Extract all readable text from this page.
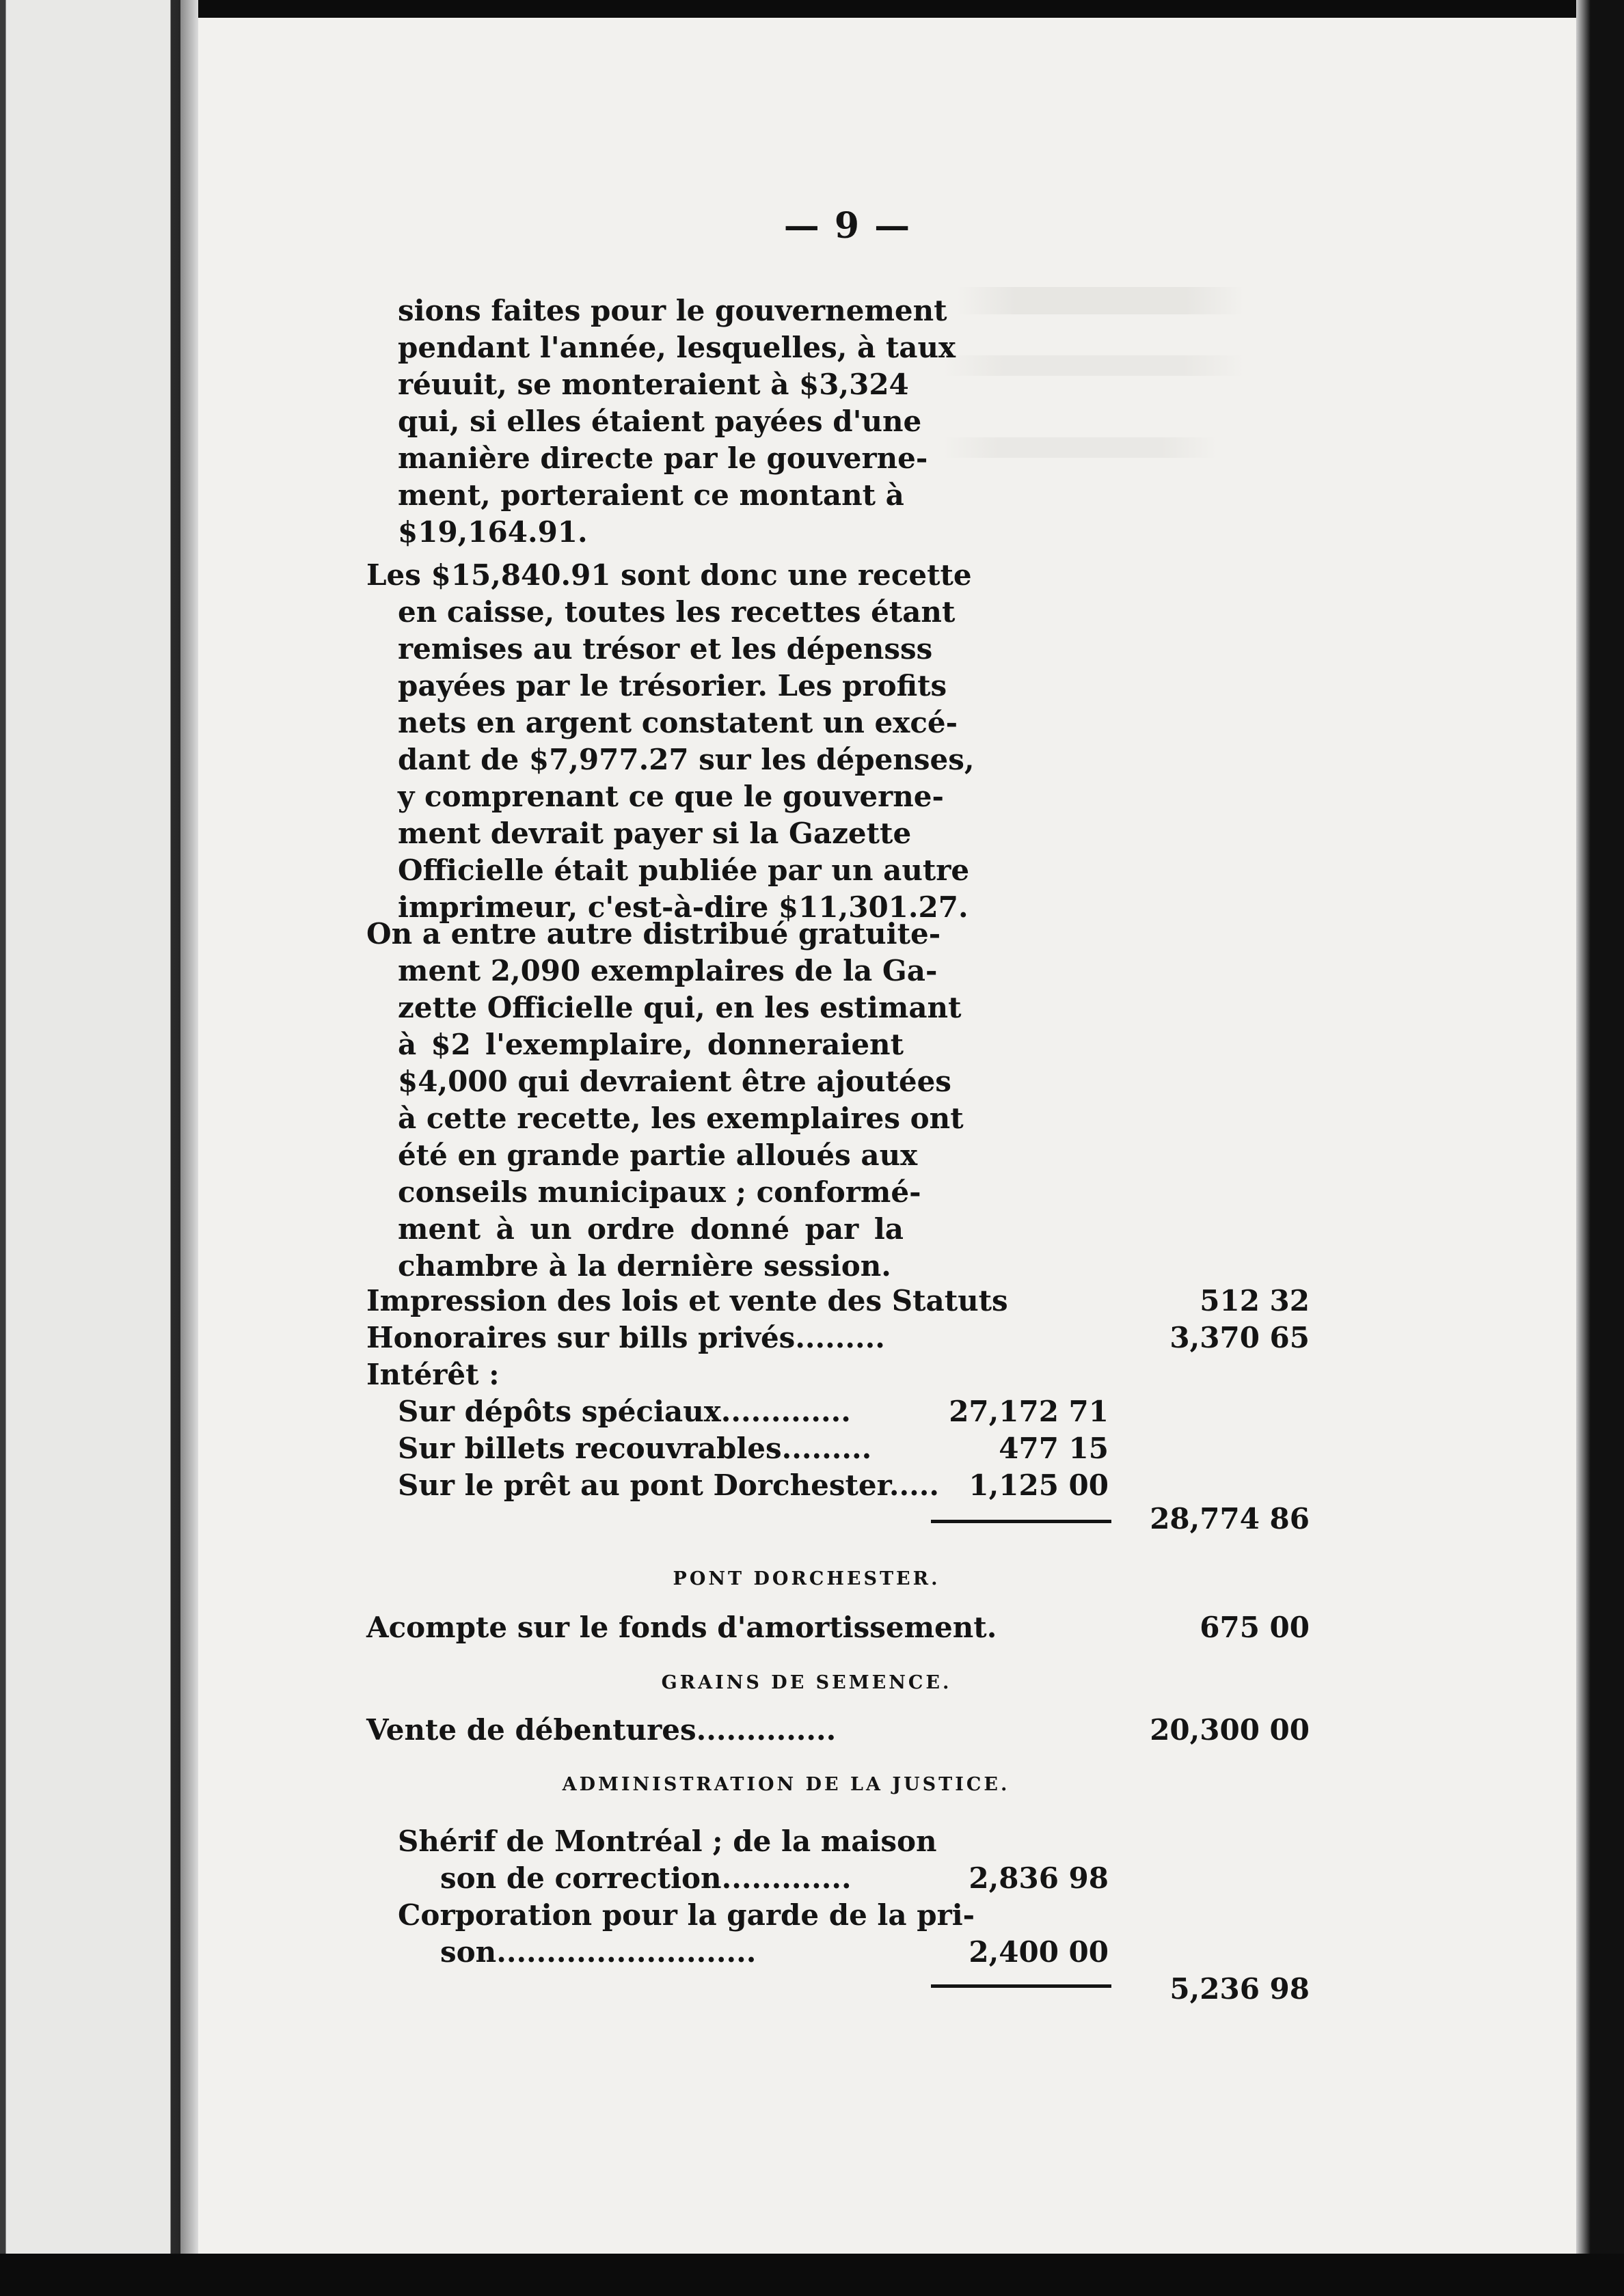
— 9 —
sions faites pour le gouvernement
pendant l'année, lesquelles, à taux
réuuit, se monteraient à $3,324
qui, si elles étaient payées d'une
manière directe par le gouverne-
ment, porteraient ce montant à
$19,164.91.
Les $15,840.91 sont donc une recette
en caisse, toutes les recettes étant
remises au trésor et les dépensss
payées par le trésorier. Les profits
nets en argent constatent un excé-
dant de $7,977.27 sur les dépenses,
y comprenant ce que le gouverne-
ment devrait payer si la Gazette
Officielle était publiée par un autre
imprimeur, c'est-à-dire $11,301.27.
On a entre autre distribué gratuite-
ment 2,090 exemplaires de la Ga-
zette Officielle qui, en les estimant
à $2 l'exemplaire, donneraient
$4,000 qui devraient être ajoutées
à cette recette, les exemplaires ont
été en grande partie alloués aux
conseils municipaux ; conformé-
ment à un ordre donné par la
chambre à la dernière session.
Impression des lois et vente des Statuts	512 32
Honoraires sur bills privés.........	3,370 65
Intérêt :
Sur dépôts spéciaux.............	27,172 71
Sur billets recouvrables.........	477 15
Sur le prêt au pont Dorchester.....	1,125 00
28,774 86
PONT DORCHESTER.
Acompte sur le fonds d'amortissement.	675 00
GRAINS DE SEMENCE.
Vente de débentures..............	20,300 00
ADMINISTRATION DE LA JUSTICE.
Shérif de Montréal ; de la maison
son de correction.............	2,836 98
Corporation pour la garde de la pri-
son..........................	2,400 00
5,236 98
